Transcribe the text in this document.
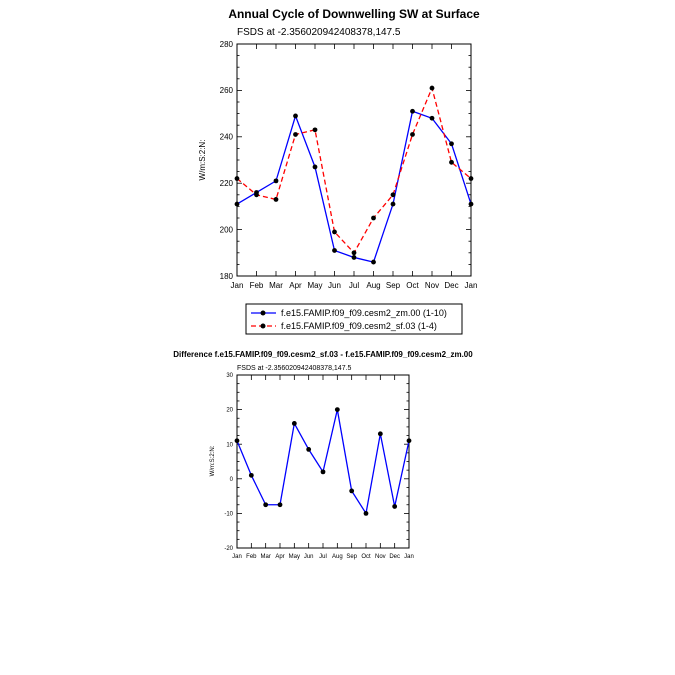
Annual Cycle of Downwelling SW at Surface
FSDS at -2.356020942408378,147.5
W/m:S:2:N:
180
200
220
240
260
280
Jan Feb Mar Apr May Jun Jul Aug Sep Oct Nov Dec Jan
f.e15.FAMIP.f09_f09.cesm2_zm.00 (1-10)
f.e15.FAMIP.f09_f09.cesm2_sf.03 (1-4)
Difference f.e15.FAMIP.f09_f09.cesm2_sf.03 - f.e15.FAMIP.f09_f09.cesm2_zm.00
FSDS at -2.356020942408378,147.5
W/m:S:2:N:
-20
-10
0
10
20
30
Jan Feb Mar Apr May Jun Jul Aug Sep Oct Nov Dec Jan
